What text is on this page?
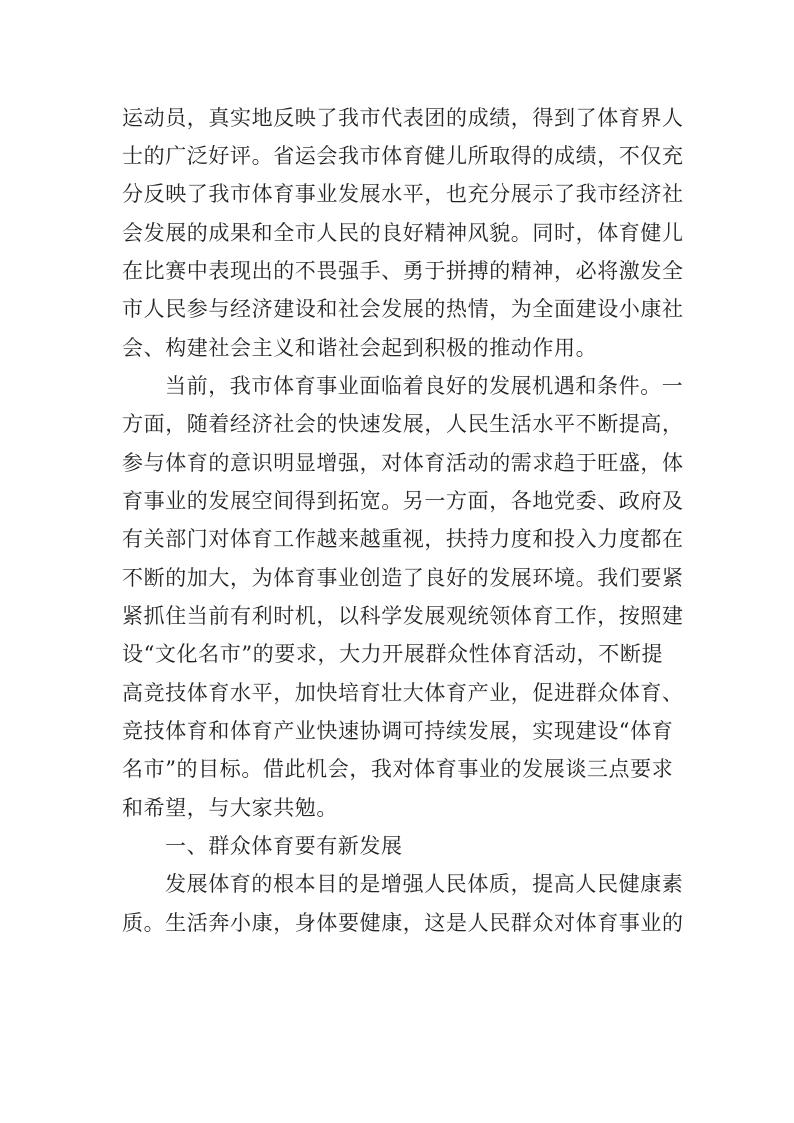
运动员，真实地反映了我市代表团的成绩，得到了体育界人
士的广泛好评。省运会我市体育健儿所取得的成绩，不仅充
分反映了我市体育事业发展水平，也充分展示了我市经济社
会发展的成果和全市人民的良好精神风貌。同时，体育健儿
在比赛中表现出的不畏强手、勇于拼搏的精神，必将激发全
市人民参与经济建设和社会发展的热情，为全面建设小康社
会、构建社会主义和谐社会起到积极的推动作用。
当前，我市体育事业面临着良好的发展机遇和条件。一
方面，随着经济社会的快速发展，人民生活水平不断提高，
参与体育的意识明显增强，对体育活动的需求趋于旺盛，体
育事业的发展空间得到拓宽。另一方面，各地党委、政府及
有关部门对体育工作越来越重视，扶持力度和投入力度都在
不断的加大，为体育事业创造了良好的发展环境。我们要紧
紧抓住当前有利时机，以科学发展观统领体育工作，按照建
设“文化名市”的要求，大力开展群众性体育活动，不断提
高竞技体育水平，加快培育壮大体育产业，促进群众体育、
竞技体育和体育产业快速协调可持续发展，实现建设“体育
名市”的目标。借此机会，我对体育事业的发展谈三点要求
和希望，与大家共勉。
一、群众体育要有新发展
发展体育的根本目的是增强人民体质，提高人民健康素
质。生活奔小康，身体要健康，这是人民群众对体育事业的
